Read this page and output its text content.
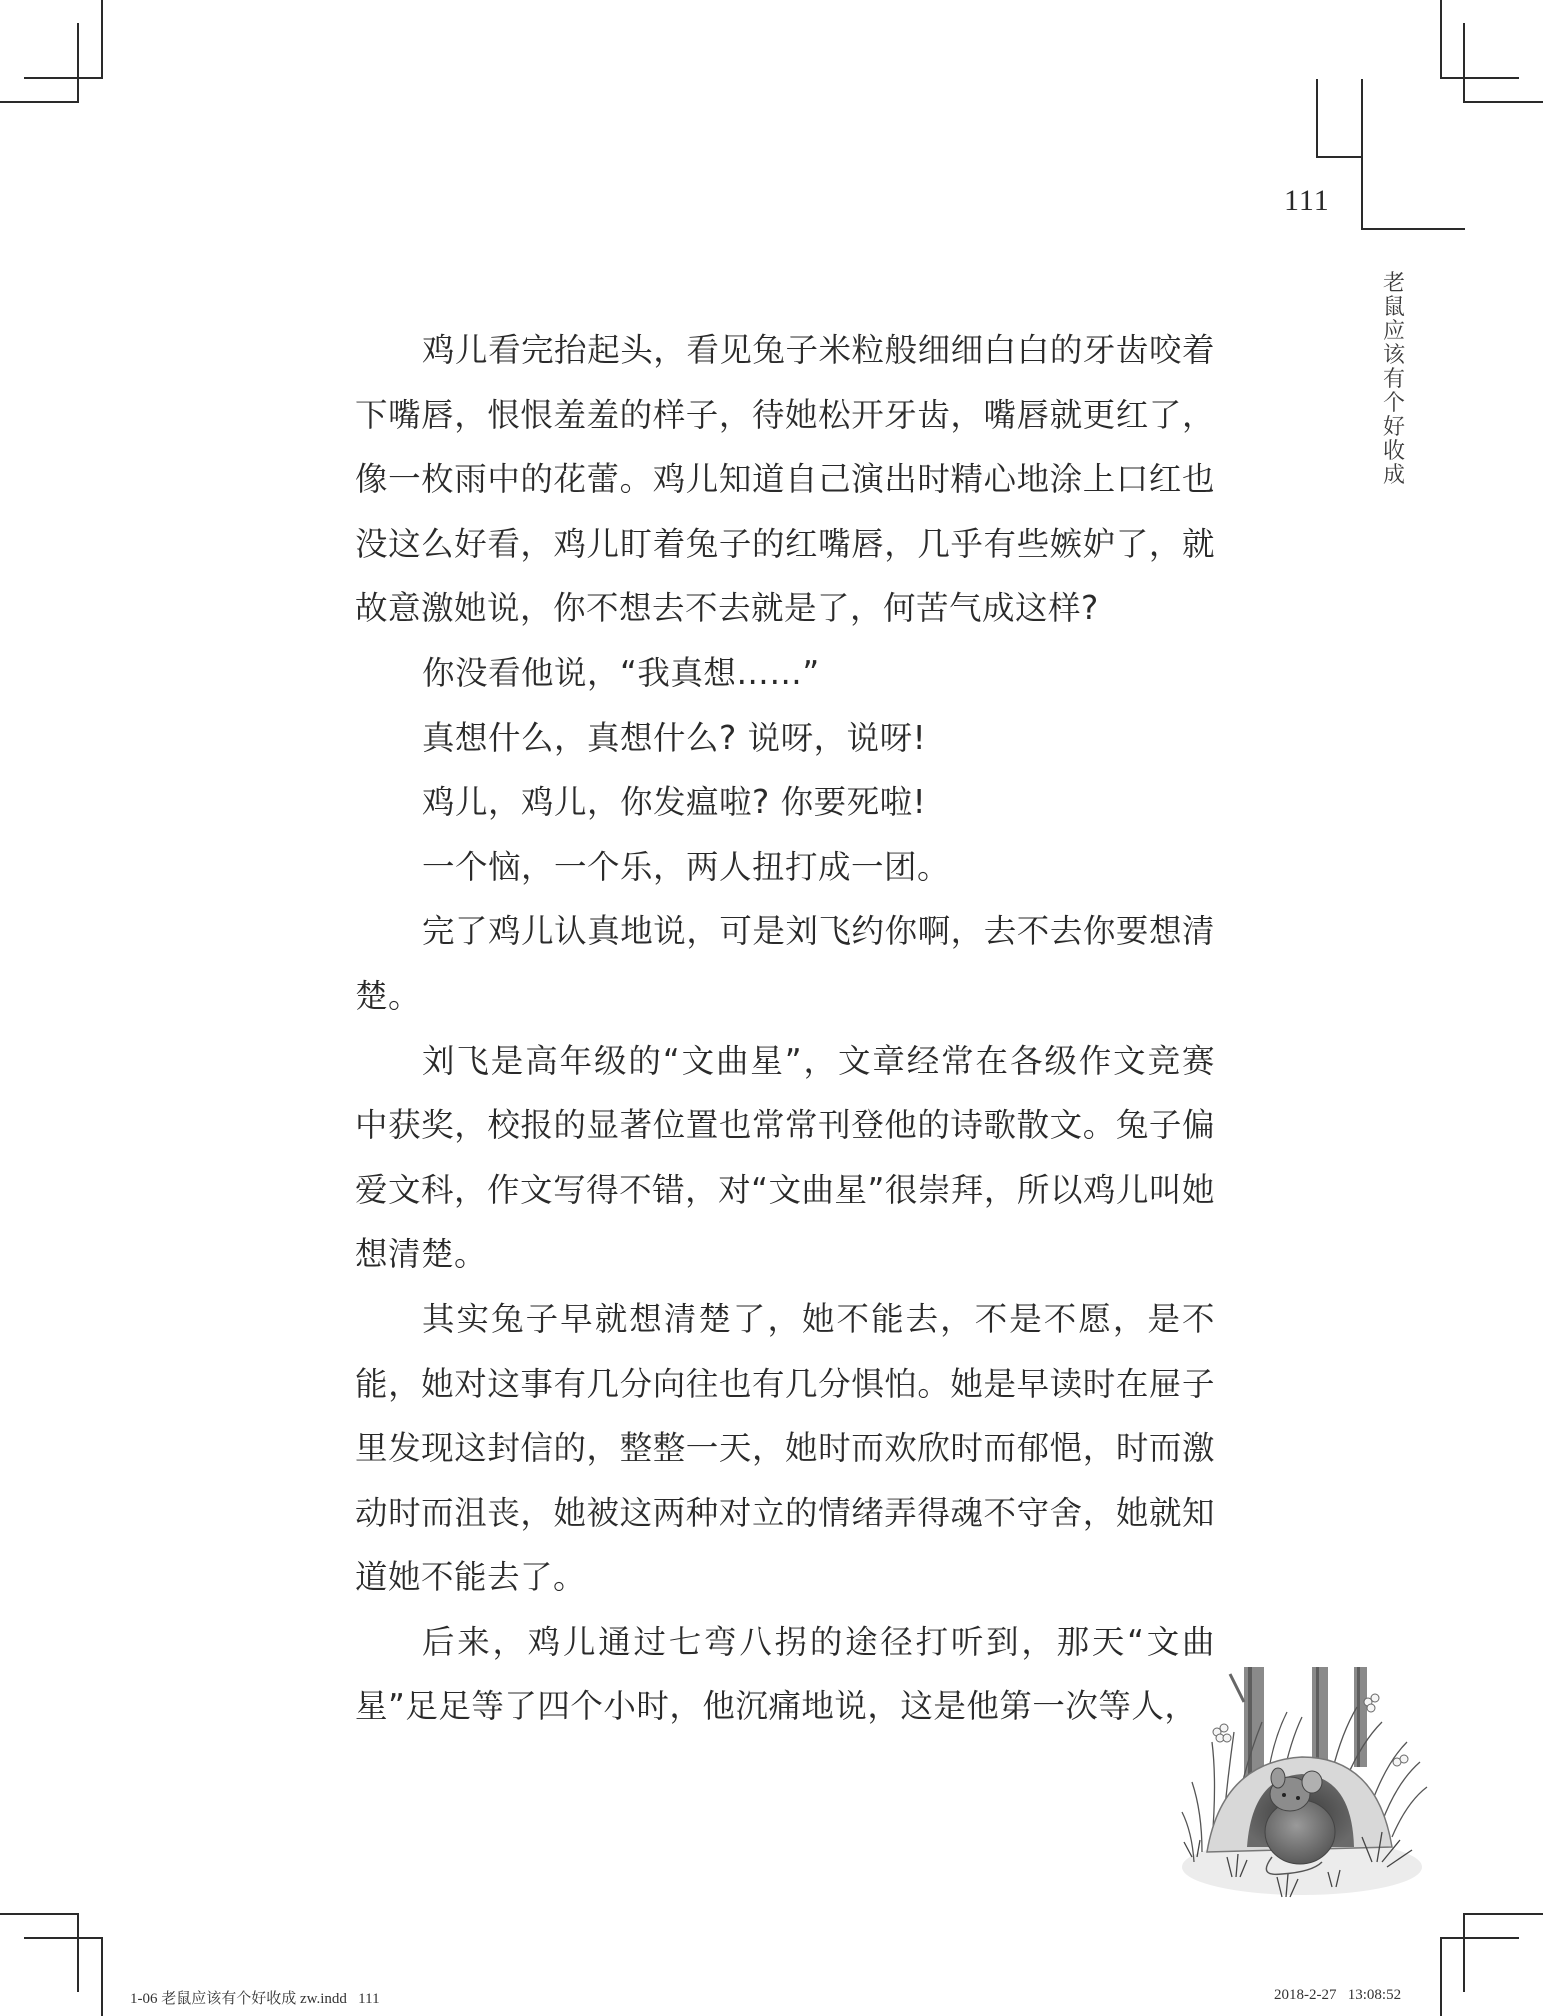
111
老
鼠
应
该
有
个
好
收
成

鸡儿看完抬起头，看见兔子米粒般细细白白的牙齿咬着下嘴唇，恨恨羞羞的样子，待她松开牙齿，嘴唇就更红了，像一枚雨中的花蕾。鸡儿知道自己演出时精心地涂上口红也没这么好看，鸡儿盯着兔子的红嘴唇，几乎有些嫉妒了，就故意激她说，你不想去不去就是了，何苦气成这样?

你没看他说，“我真想……”

真想什么，真想什么? 说呀，说呀!

鸡儿，鸡儿，你发瘟啦? 你要死啦!

一个恼，一个乐，两人扭打成一团。

完了鸡儿认真地说，可是刘飞约你啊，去不去你要想清楚。

刘飞是高年级的“文曲星”，文章经常在各级作文竞赛中获奖，校报的显著位置也常常刊登他的诗歌散文。兔子偏爱文科，作文写得不错，对“文曲星”很崇拜，所以鸡儿叫她想清楚。

其实兔子早就想清楚了，她不能去，不是不愿，是不能，她对这事有几分向往也有几分惧怕。她是早读时在屉子里发现这封信的，整整一天，她时而欢欣时而郁悒，时而激动时而沮丧，她被这两种对立的情绪弄得魂不守舍，她就知道她不能去了。

后来，鸡儿通过七弯八拐的途径打听到，那天“文曲星”足足等了四个小时，他沉痛地说，这是他第一次等人，

1-06 老鼠应该有个好收成 zw.indd   111	2018-2-27   13:08:52
